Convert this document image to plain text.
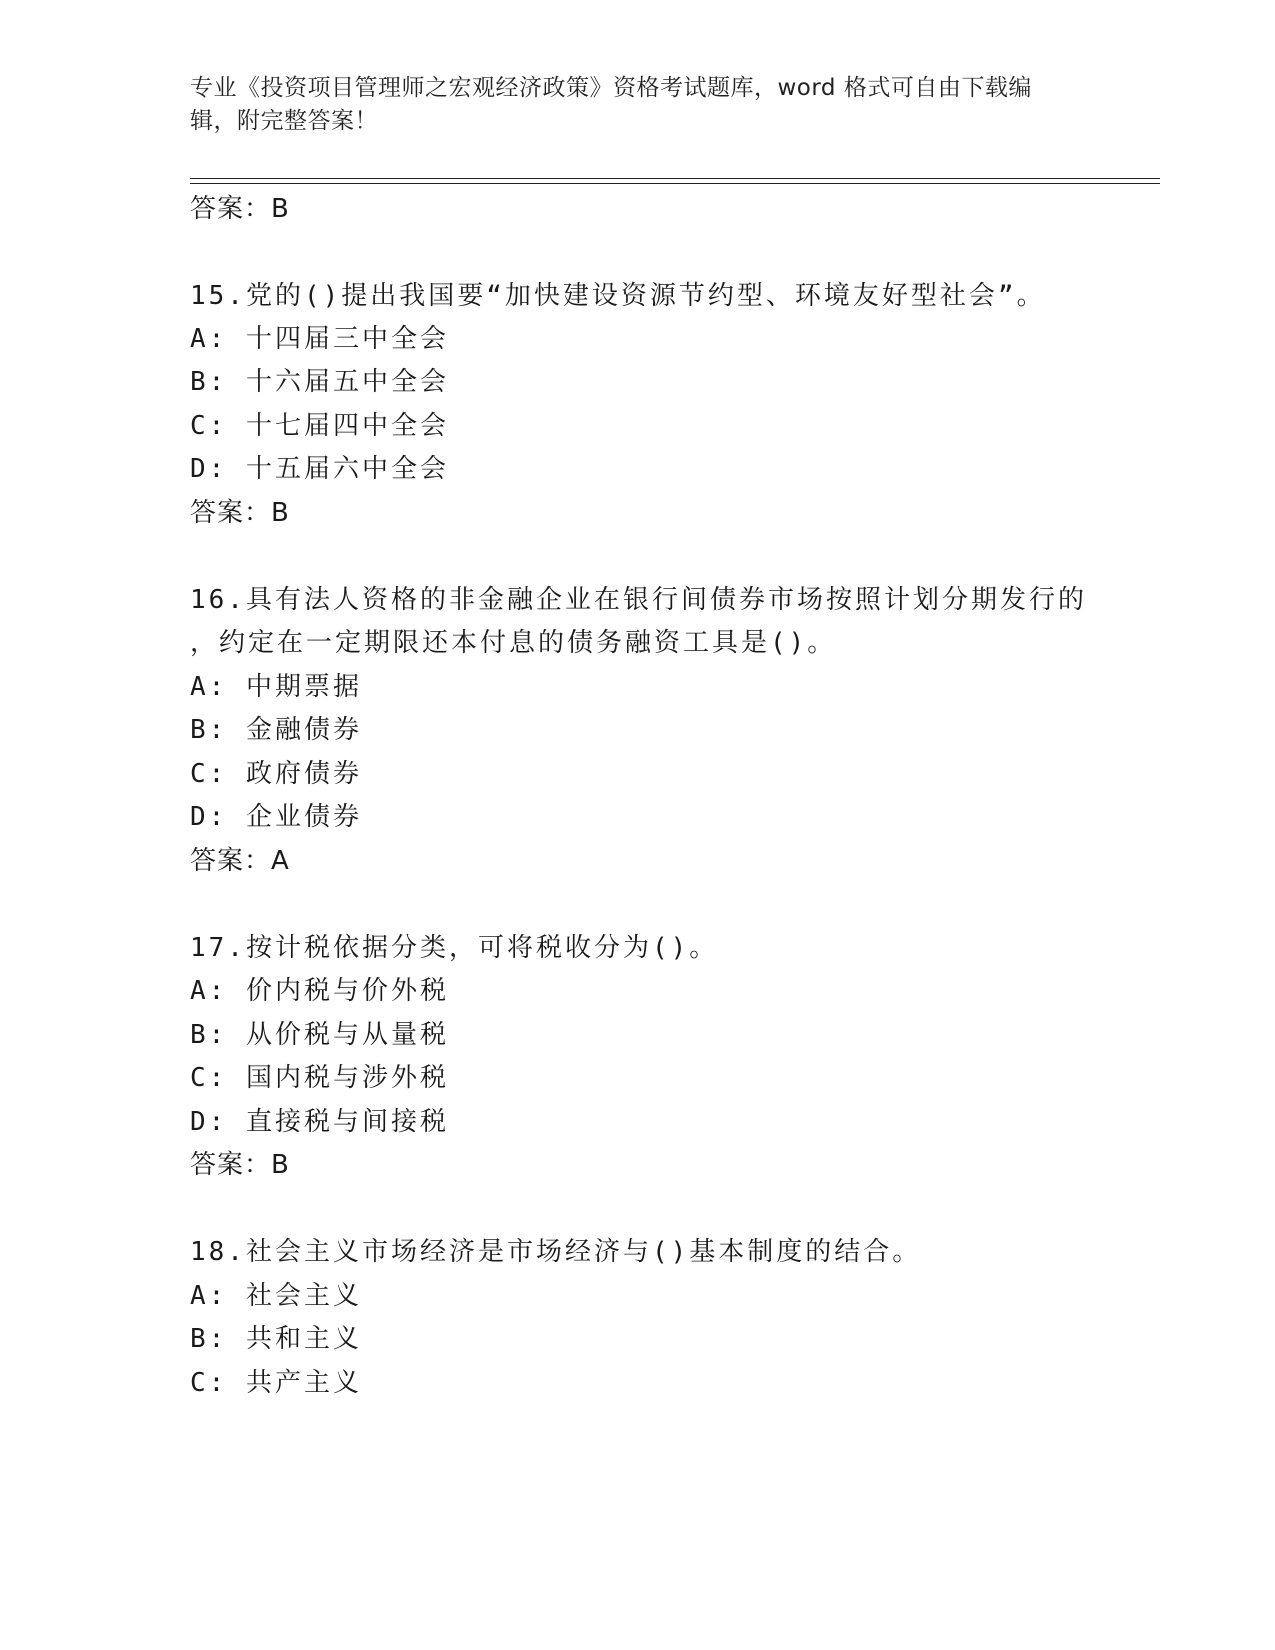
专业《投资项目管理师之宏观经济政策》资格考试题库，word 格式可自由下载编辑，附完整答案！
答案：B
15.党的()提出我国要“加快建设资源节约型、环境友好型社会”。
A: 十四届三中全会
B: 十六届五中全会
C: 十七届四中全会
D: 十五届六中全会
答案：B
16.具有法人资格的非金融企业在银行间债券市场按照计划分期发行的
，约定在一定期限还本付息的债务融资工具是()。
A: 中期票据
B: 金融债券
C: 政府债券
D: 企业债券
答案：A
17.按计税依据分类，可将税收分为()。
A: 价内税与价外税
B: 从价税与从量税
C: 国内税与涉外税
D: 直接税与间接税
答案：B
18.社会主义市场经济是市场经济与()基本制度的结合。
A: 社会主义
B: 共和主义
C: 共产主义
